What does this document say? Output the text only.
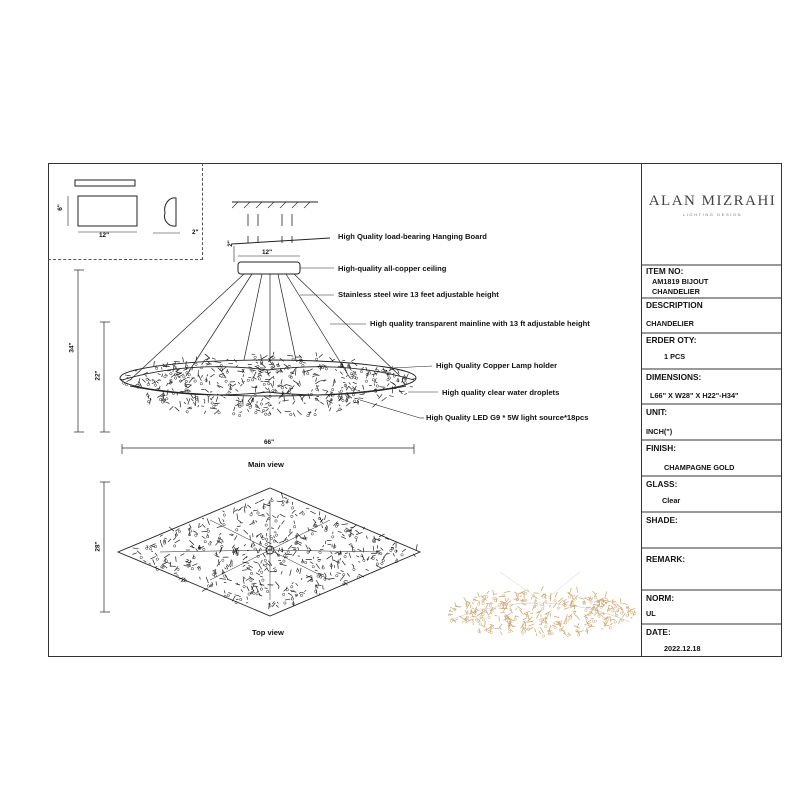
12"
6"
2"
12"
2"
34"
22"
66"
28"
High Quality load-bearing Hanging Board
High-quality all-copper ceiling
Stainless steel wire 13 feet adjustable height
High quality transparent mainline with 13 ft adjustable height
High Quality Copper Lamp holder
High quality clear water droplets
High Quality LED G9 * 5W light source*18pcs
Main view
Top view
ALAN MIZRAHI
LIGHTING DESIGN
ITEM NO:
AM1819 BIJOUT
CHANDELIER
DESCRIPTION
CHANDELIER
ERDER OTY:
1 PCS
DIMENSIONS:
L66" X W28" X H22"-H34"
UNIT:
INCH(")
FINISH:
CHAMPAGNE GOLD
GLASS:
Clear
SHADE:
REMARK:
NORM:
UL
DATE:
2022.12.18
